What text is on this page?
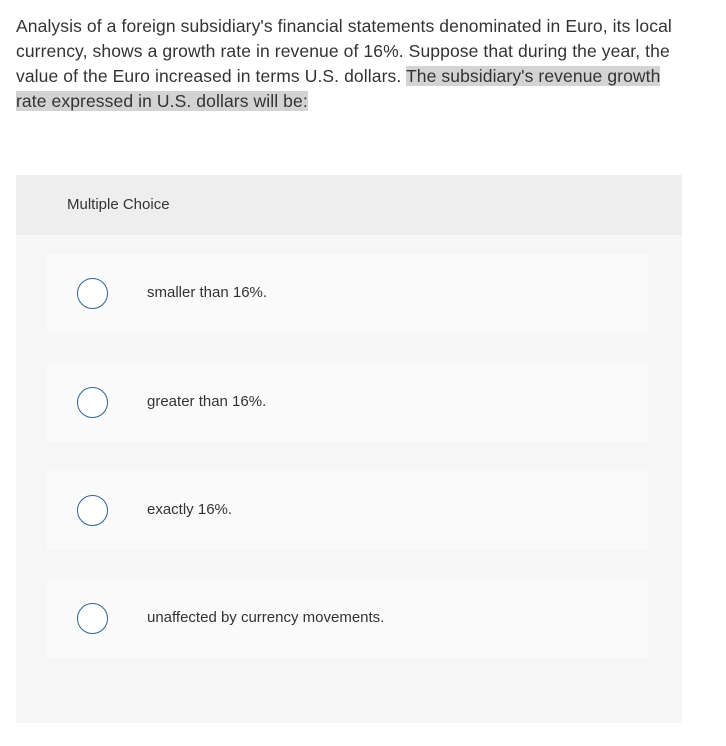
Analysis of a foreign subsidiary's financial statements denominated in Euro, its local currency, shows a growth rate in revenue of 16%. Suppose that during the year, the value of the Euro increased in terms U.S. dollars. The subsidiary's revenue growth rate expressed in U.S. dollars will be:
Multiple Choice
smaller than 16%.
greater than 16%.
exactly 16%.
unaffected by currency movements.
